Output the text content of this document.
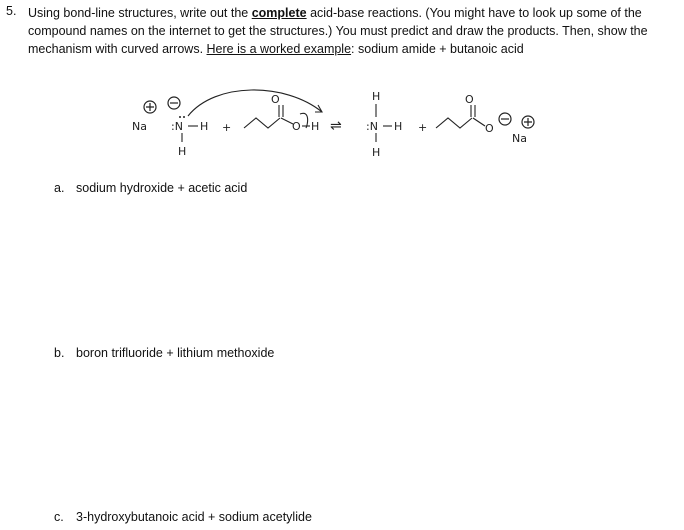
5. Using bond-line structures, write out the complete acid-base reactions. (You might have to look up some of the compound names on the internet to get the structures.) You must predict and draw the products. Then, show the mechanism with curved arrows. Here is a worked example: sodium amide + butanoic acid
Na :N H
H
+
O
O H ⇌
H
:N H
H
+
O
O
Na
a. sodium hydroxide + acetic acid
b. boron trifluoride + lithium methoxide
c. 3-hydroxybutanoic acid + sodium acetylide
